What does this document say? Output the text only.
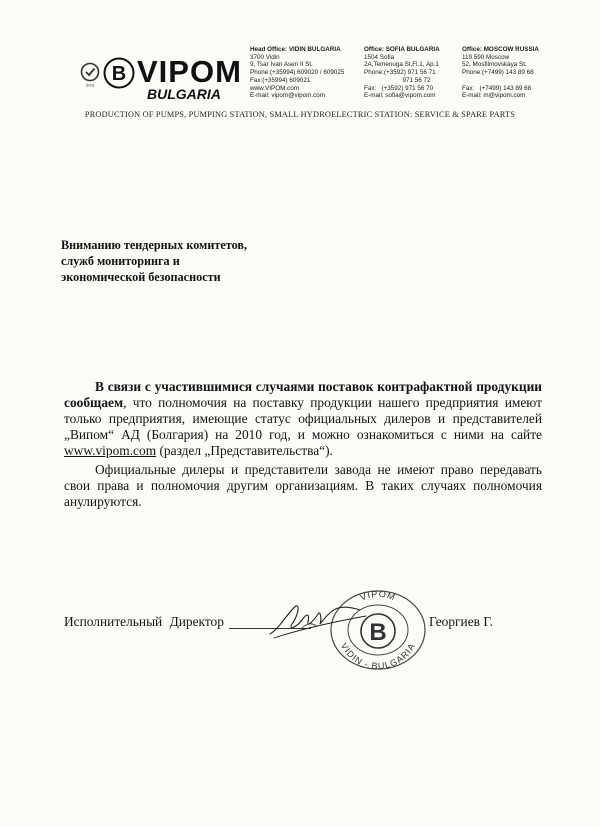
SGS B VIPOM
BULGARIA
Head Office: VIDIN BULGARIA
3700 Vidin
9, Tsar Ivan Asen II St.
Phone:(+35994) 609020 / 609025
Fax:(+35994) 609021
www.VIPOM.com
E-mail: vipom@vipom.com
Office: SOFIA BULGARIA
1504 Sofia
2A,Temenuga St,Fl.1, Ap.1
Phone:(+3592) 971 56 71
971 56 72
Fax:   (+3592) 971 56 70
E-mail: sofia@vipom.com
Office: MOSCOW RUSSIA
119 590 Moscow
52, Mosfilmovskaya St.
Phone:(+7499) 143 89 68
Fax:   (+7499) 143 89 68
E-mail: m@vipom.com
PRODUCTION OF PUMPS, PUMPING STATION, SMALL HYDROELECTRIC STATION: SERVICE & SPARE PARTS
Вниманию тендерных комитетов,
служб мониторинга и
экономической безопасности

В связи с участившимися случаями поставок контрафактной продукции сообщаем, что полномочия на поставку продукции нашего предприятия имеют только предприятия, имеющие статус официальных дилеров и представителей „Випом“ АД (Болгария) на 2010 год, и можно ознакомиться с ними на сайте www.vipom.com (раздел „Представительства“).

Официальные дилеры и представители завода не имеют право передавать свои права и полномочия другим организациям. В таких случаях полномочия анулируются.

Исполнительный Директор	B
VIPOM
VIDIN - BULGARIA
Георгиев Г.
